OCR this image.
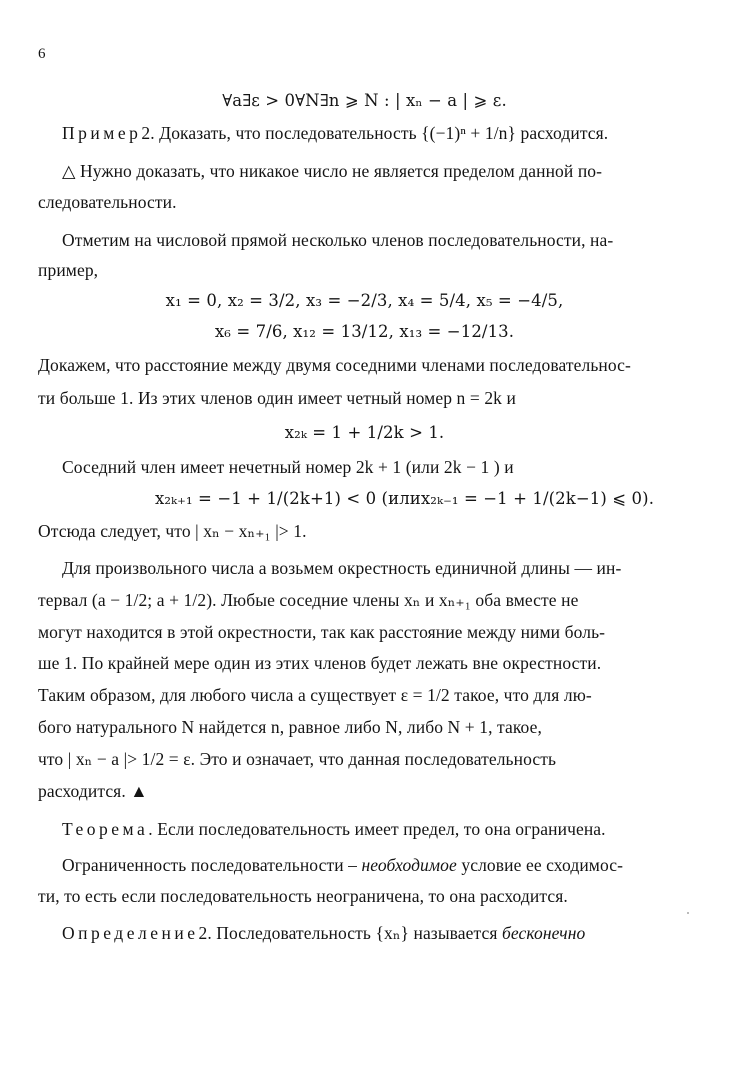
6
∀a∃ε > 0∀N∃n ⩾ N : | xₙ − a | ⩾ ε.
Пример2. Доказать, что последовательность {(−1)ⁿ + 1/n} расходится.
△ Нужно доказать, что никакое число не является пределом данной по-
следовательности.
Отметим на числовой прямой несколько членов последовательности, на-
пример,
x₁ = 0, x₂ = 3/2, x₃ = −2/3, x₄ = 5/4, x₅ = −4/5,
x₆ = 7/6, x₁₂ = 13/12, x₁₃ = −12/13.
Докажем, что расстояние между двумя соседними членами последовательнос-
ти больше 1. Из этих членов один имеет четный номер n = 2k и
x₂ₖ = 1 + 1/2k > 1.
Соседний член имеет нечетный номер 2k + 1 (или 2k − 1 ) и
x₂ₖ₊₁ = −1 + 1/(2k+1) < 0 (илиx₂ₖ₋₁ = −1 + 1/(2k−1) ⩽ 0).
Отсюда следует, что | xₙ − xₙ₊₁ |> 1.
Для произвольного числа a возьмем окрестность единичной длины — ин-
тервал (a − 1/2; a + 1/2). Любые соседние члены xₙ и xₙ₊₁ оба вместе не
могут находится в этой окрестности, так как расстояние между ними боль-
ше 1. По крайней мере один из этих членов будет лежать вне окрестности.
Таким образом, для любого числа a существует ε = 1/2 такое, что для лю-
бого натурального N найдется n, равное либо N, либо N + 1, такое,
что | xₙ − a |> 1/2 = ε. Это и означает, что данная последовательность
расходится. ▲
Теорема. Если последовательность имеет предел, то она ограничена.
Ограниченность последовательности – необходимое условие ее сходимос-
ти, то есть если последовательность неограничена, то она расходится.
Определение2. Последовательность {xₙ} называется бесконечно
